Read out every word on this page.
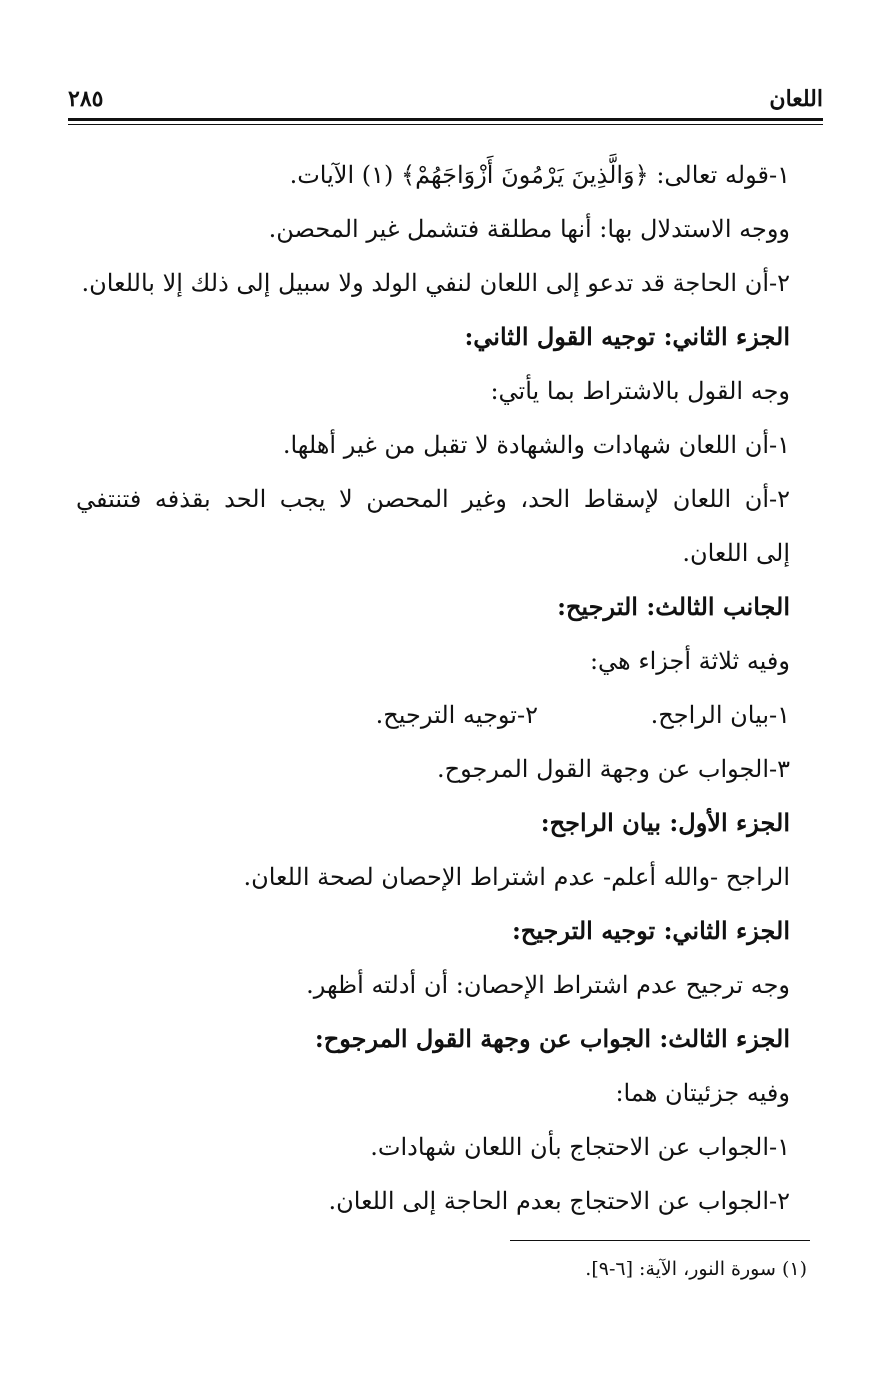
اللعان
٢٨٥
١-قوله تعالى: ﴿وَالَّذِينَ يَرْمُونَ أَزْوَاجَهُمْ﴾ (١) الآيات.
ووجه الاستدلال بها: أنها مطلقة فتشمل غير المحصن.
٢-أن الحاجة قد تدعو إلى اللعان لنفي الولد ولا سبيل إلى ذلك إلا باللعان.
الجزء الثاني: توجيه القول الثاني:
وجه القول بالاشتراط بما يأتي:
١-أن اللعان شهادات والشهادة لا تقبل من غير أهلها.
٢-أن اللعان لإسقاط الحد، وغير المحصن لا يجب الحد بقذفه فتنتفي
إلى اللعان.
الجانب الثالث: الترجيح:
وفيه ثلاثة أجزاء هي:
١-بيان الراجح.
٢-توجيه الترجيح.
٣-الجواب عن وجهة القول المرجوح.
الجزء الأول: بيان الراجح:
الراجح -والله أعلم- عدم اشتراط الإحصان لصحة اللعان.
الجزء الثاني: توجيه الترجيح:
وجه ترجيح عدم اشتراط الإحصان: أن أدلته أظهر.
الجزء الثالث: الجواب عن وجهة القول المرجوح:
وفيه جزئيتان هما:
١-الجواب عن الاحتجاج بأن اللعان شهادات.
٢-الجواب عن الاحتجاج بعدم الحاجة إلى اللعان.
(١) سورة النور، الآية: [٦-٩].
